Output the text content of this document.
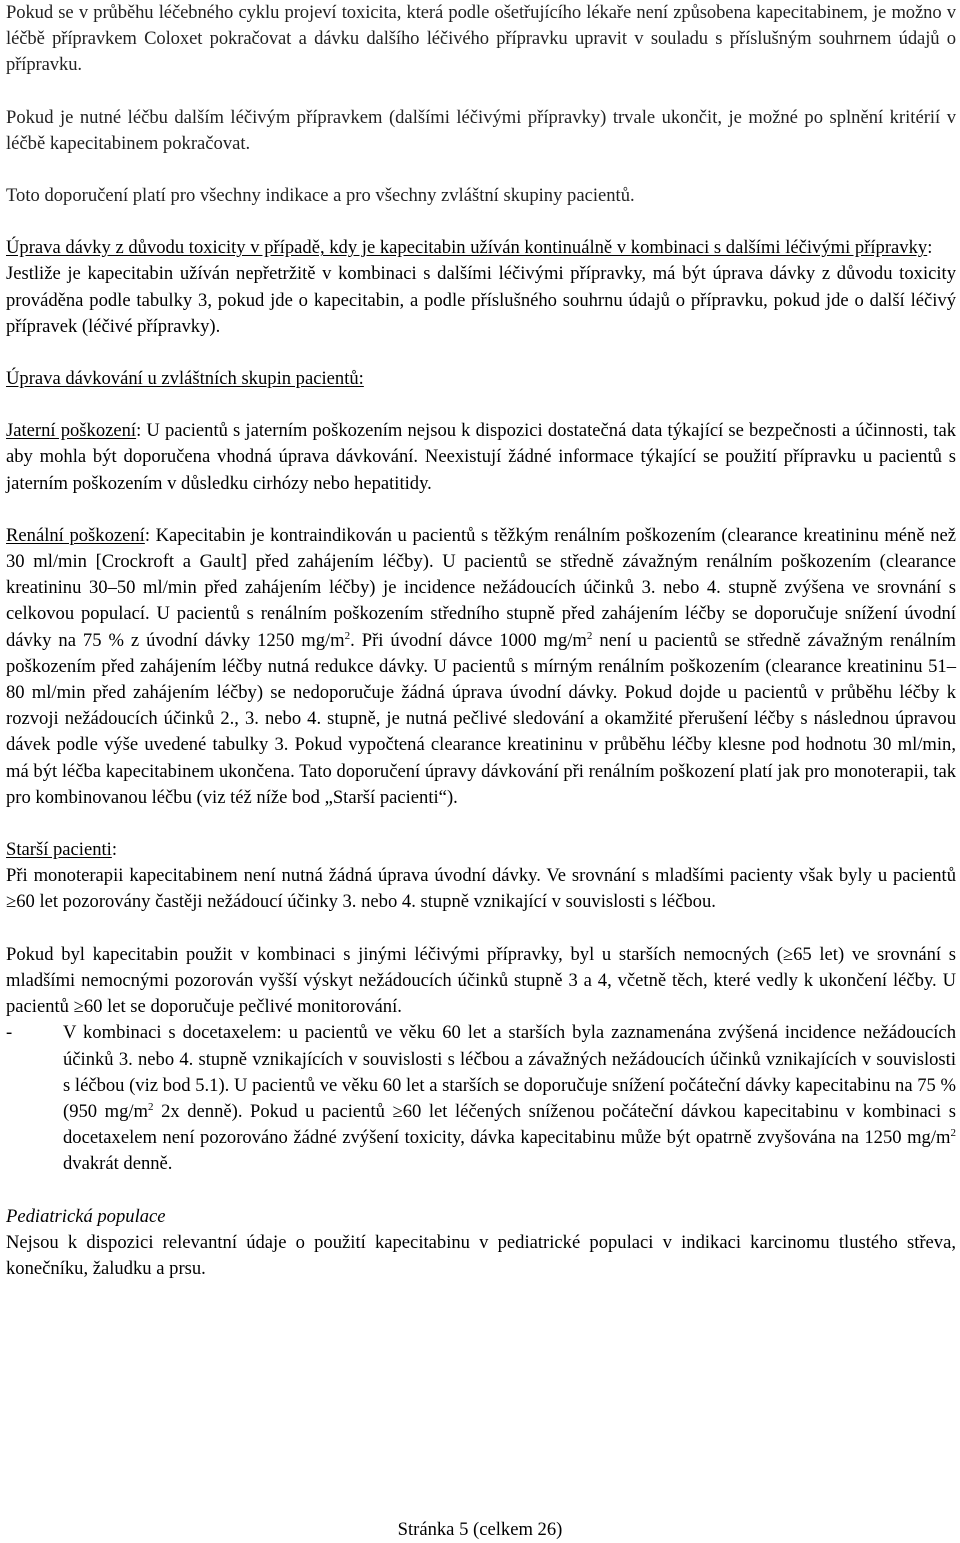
Pokud se v průběhu léčebného cyklu projeví toxicita, která podle ošetřujícího lékaře není způsobena kapecitabinem, je možno v léčbě přípravkem Coloxet pokračovat a dávku dalšího léčivého přípravku upravit v souladu s příslušným souhrnem údajů o přípravku.

Pokud je nutné léčbu dalším léčivým přípravkem (dalšími léčivými přípravky) trvale ukončit, je možné po splnění kritérií v léčbě kapecitabinem pokračovat.

Toto doporučení platí pro všechny indikace a pro všechny zvláštní skupiny pacientů.

Úprava dávky z důvodu toxicity v případě, kdy je kapecitabin užíván kontinuálně v kombinaci s dalšími léčivými přípravky:

Jestliže je kapecitabin užíván nepřetržitě v kombinaci s dalšími léčivými přípravky, má být úprava dávky z důvodu toxicity prováděna podle tabulky 3, pokud jde o kapecitabin, a podle příslušného souhrnu údajů o přípravku, pokud jde o další léčivý přípravek (léčivé přípravky).

Úprava dávkování u zvláštních skupin pacientů:

Jaterní poškození: U pacientů s jaterním poškozením nejsou k dispozici dostatečná data týkající se bezpečnosti a účinnosti, tak aby mohla být doporučena vhodná úprava dávkování. Neexistují žádné informace týkající se použití přípravku u pacientů s jaterním poškozením v důsledku cirhózy nebo hepatitidy.

Renální poškození: Kapecitabin je kontraindikován u pacientů s těžkým renálním poškozením (clearance kreatininu méně než 30 ml/min [Crockroft a Gault] před zahájením léčby). U pacientů se středně závažným renálním poškozením (clearance kreatininu 30–50 ml/min před zahájením léčby) je incidence nežádoucích účinků 3. nebo 4. stupně zvýšena ve srovnání s celkovou populací. U pacientů s renálním poškozením středního stupně před zahájením léčby se doporučuje snížení úvodní dávky na 75 % z úvodní dávky 1250 $mg/m^2$. Při úvodní dávce 1000 $mg/m^2$ není u pacientů se středně závažným renálním poškozením před zahájením léčby nutná redukce dávky. U pacientů s mírným renálním poškozením (clearance kreatininu 51–80 ml/min před zahájením léčby) se nedoporučuje žádná úprava úvodní dávky. Pokud dojde u pacientů v průběhu léčby k rozvoji nežádoucích účinků 2., 3. nebo 4. stupně, je nutná pečlivé sledování a okamžité přerušení léčby s následnou úpravou dávek podle výše uvedené tabulky 3. Pokud vypočtená clearance kreatininu v průběhu léčby klesne pod hodnotu 30 ml/min, má být léčba kapecitabinem ukončena. Tato doporučení úpravy dávkování při renálním poškození platí jak pro monoterapii, tak pro kombinovanou léčbu (viz též níže bod „Starší pacienti“).

Starší pacienti:

Při monoterapii kapecitabinem není nutná žádná úprava úvodní dávky. Ve srovnání s mladšími pacienty však byly u pacientů ≥60 let pozorovány častěji nežádoucí účinky 3. nebo 4. stupně vznikající v souvislosti s léčbou.

Pokud byl kapecitabin použit v kombinaci s jinými léčivými přípravky, byl u starších nemocných (≥65 let) ve srovnání s mladšími nemocnými pozorován vyšší výskyt nežádoucích účinků stupně 3 a 4, včetně těch, které vedly k ukončení léčby. U pacientů ≥60 let se doporučuje pečlivé monitorování.

-	V kombinaci s docetaxelem: u pacientů ve věku 60 let a starších byla zaznamenána zvýšená incidence nežádoucích účinků 3. nebo 4. stupně vznikajících v souvislosti s léčbou a závažných nežádoucích účinků vznikajících v souvislosti s léčbou (viz bod 5.1). U pacientů ve věku 60 let a starších se doporučuje snížení počáteční dávky kapecitabinu na 75 % (950 $mg/m^2$ 2x denně). Pokud u pacientů ≥60 let léčených sníženou počáteční dávkou kapecitabinu v kombinaci s docetaxelem není pozorováno žádné zvýšení toxicity, dávka kapecitabinu může být opatrně zvyšována na 1250 $mg/m^2$ dvakrát denně.

Pediatrická populace

Nejsou k dispozici relevantní údaje o použití kapecitabinu v pediatrické populaci v indikaci karcinomu tlustého střeva, konečníku, žaludku a prsu.

Stránka 5 (celkem 26)
